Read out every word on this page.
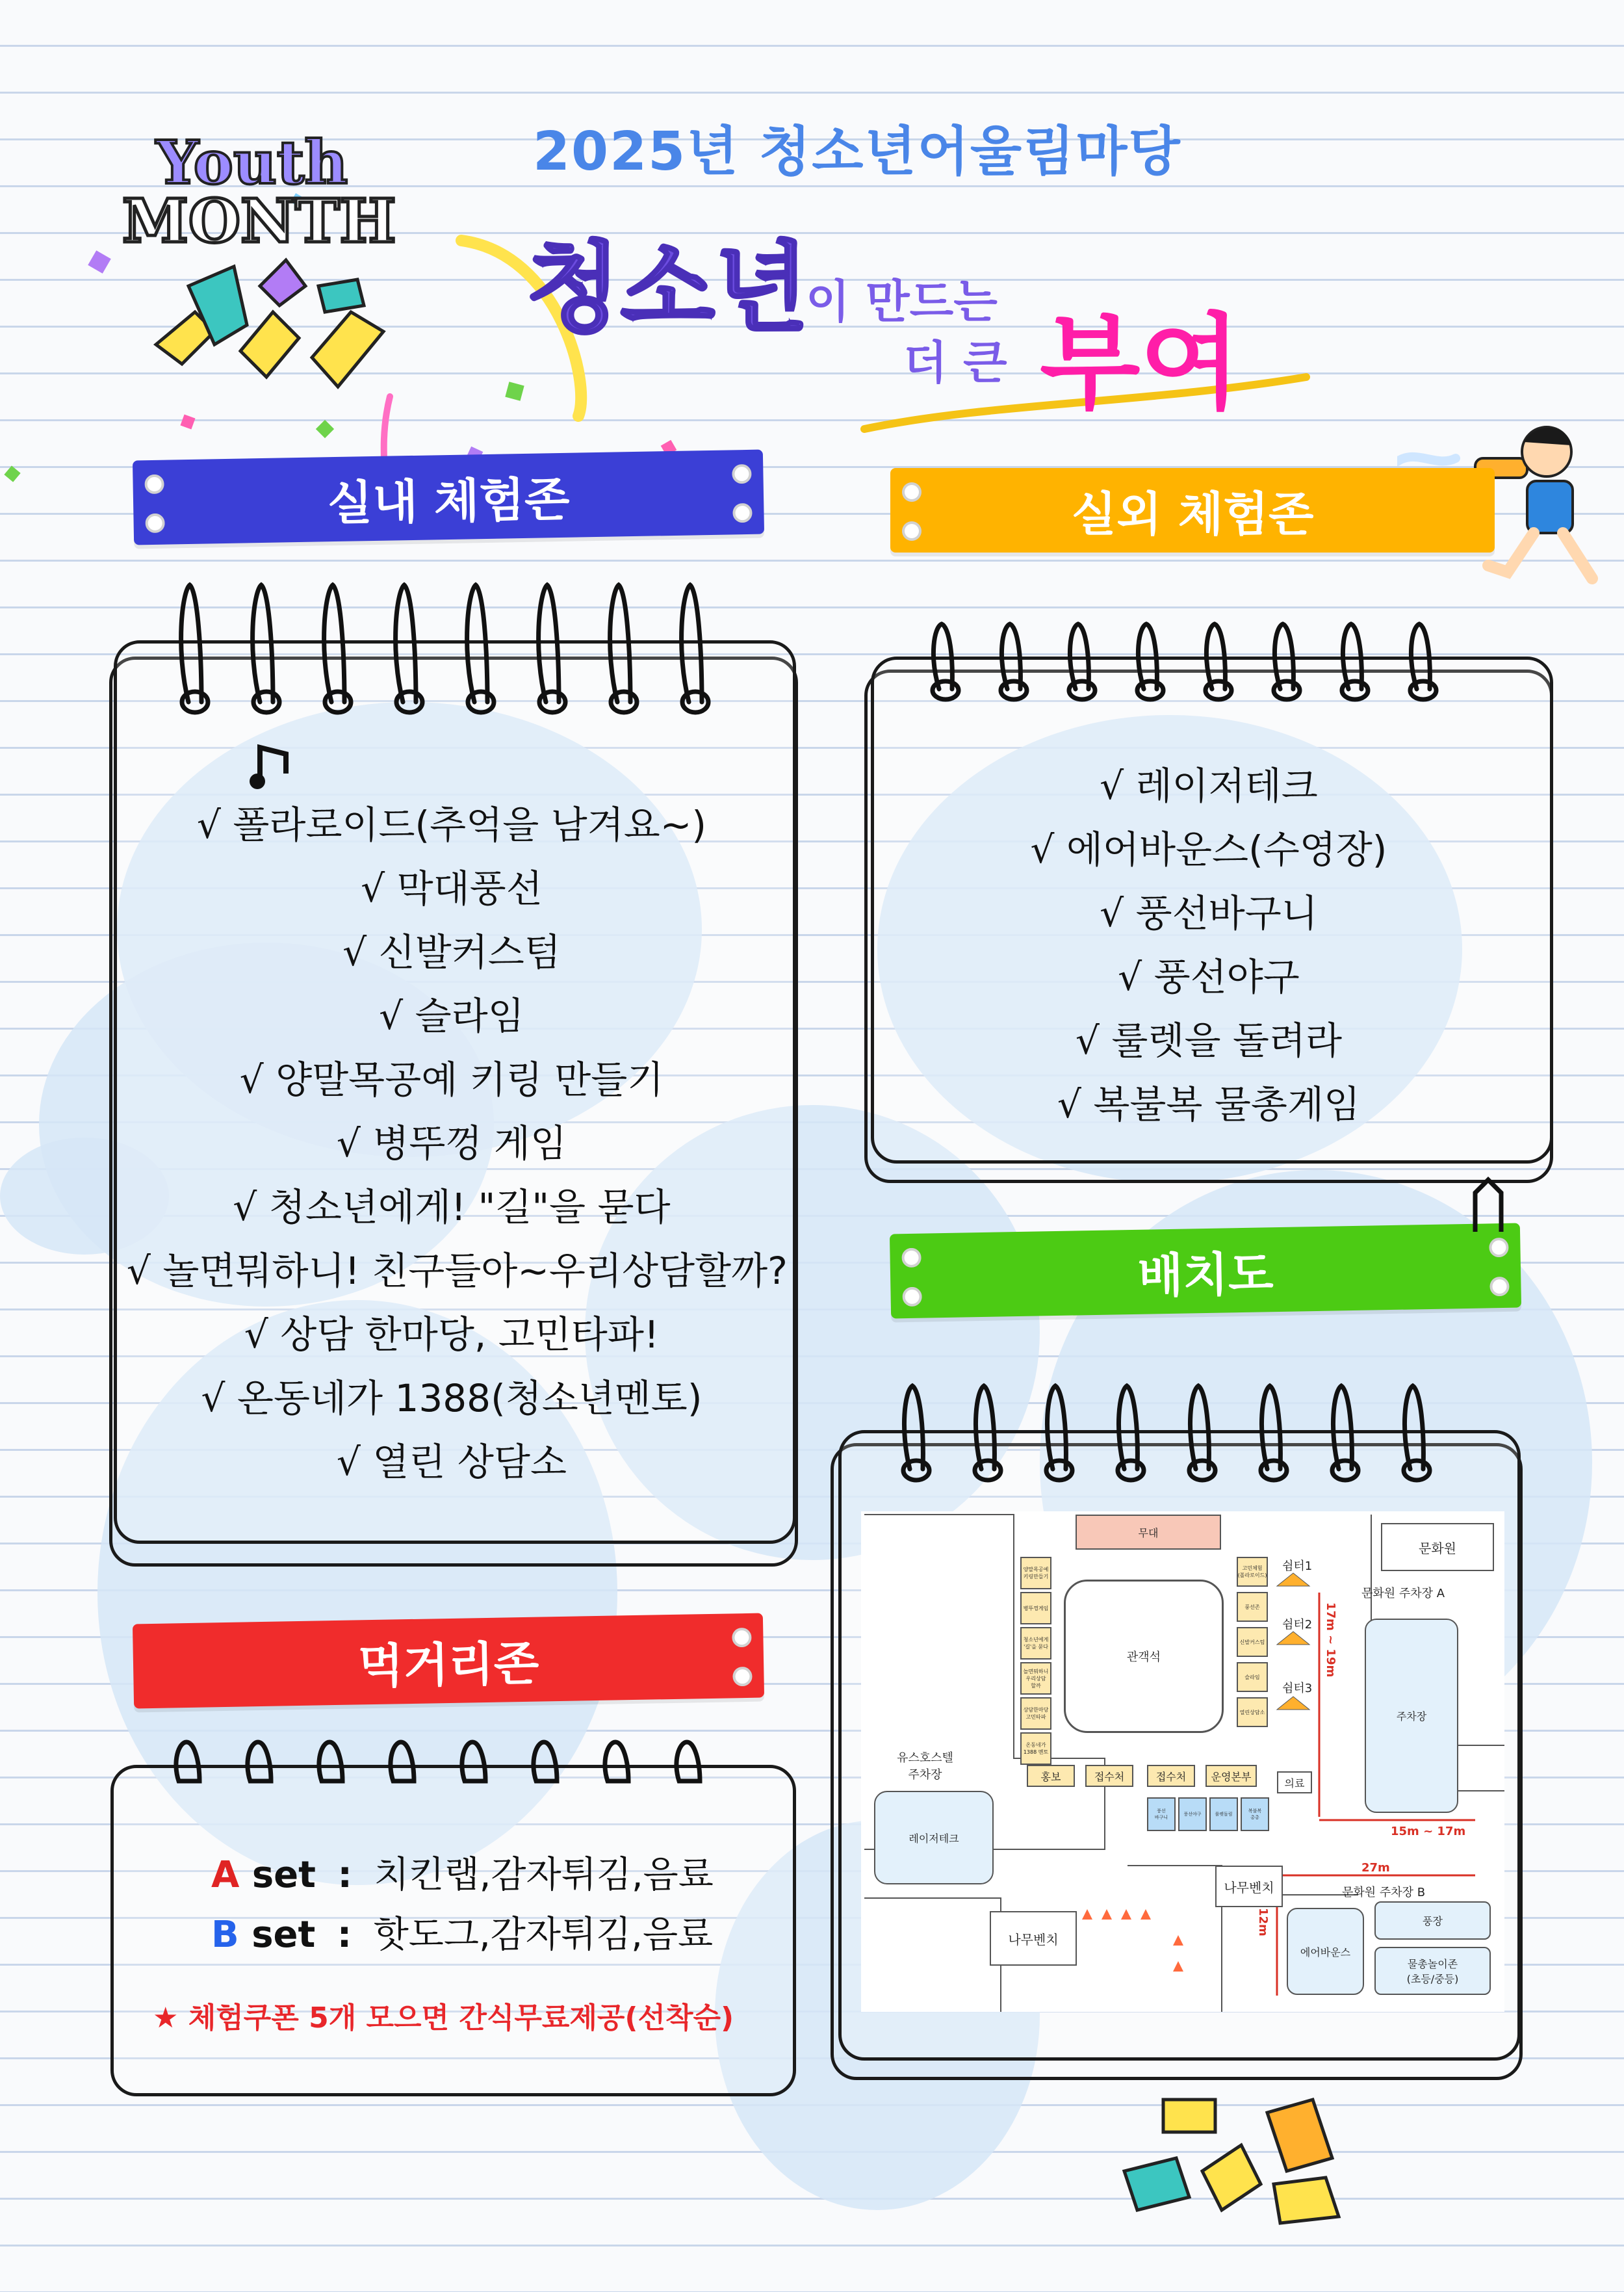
Youth
MONTH
2025년 청소년어울림마당
청소년
이 만드는
더 큰 부여
실내 체험존
√ 폴라로이드(추억을 남겨요~)
√ 막대풍선
√ 신발커스텀
√ 슬라임
√ 양말목공예 키링 만들기
√ 병뚜껑 게임
√ 청소년에게! "길"을 묻다
√ 놀면뭐하니! 친구들아~우리상담할까?
√ 상담 한마당, 고민타파!
√ 온동네가 1388(청소년멘토)
√ 열린 상담소
실외 체험존
√ 레이저테크
√ 에어바운스(수영장)
√ 풍선바구니
√ 풍선야구
√ 룰렛을 돌려라
√ 복불복 물총게임
먹거리존
A set : 치킨랩,감자튀김,음료
B set : 핫도그,감자튀김,음료
★ 체험쿠폰 5개 모으면 간식무료제공(선착순)
배치도
무대
관객석
문화원
문화원 주차장 A
주차장
쉼터1
쉼터2
쉼터3
의료
유스호스텔
주차장
레이저테크
홍보	접수처	접수처	운영본부
나무벤치
나무벤치
문화원 주차장 B
에어바운스
풍장
물총놀이존
(초등/중등)
17m ~ 19m
15m ~ 17m
27m
12m
양말목공예
키링만들기
병뚜껑게임
청소년에게
'길'을 묻다
놀면뭐하니
우리상담
할까
상담한마당
고민타파
온동네가
1388 멘토
고민체험
(폴라로이드)
풍선존
신발커스텀
슬라임
열린상담소
풍선
바구니
풍선야구	룰렛돌림
복불복
총총
